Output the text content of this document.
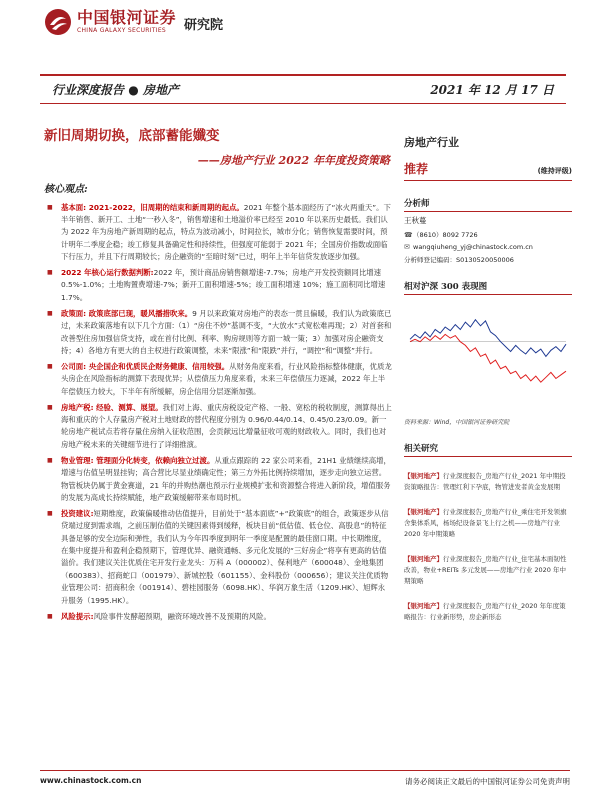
中国银河证券
CHINA GALAXY SECURITIES	研究院
行业深度报告 ● 房地产	2021 年 12 月 17 日
新旧周期切换，底部蓄能孅变
——房地产行业 2022 年年度投资策略
核心观点:
■ 基本面: 2021-2022，旧周期的结束和新周期的起点。2021 年整个基本面经历了“冰火两重天”。下半年销售、新开工、土地“一秒入冬”，销售增速和土地溢价率已经至 2010 年以来历史最低。我们认为 2022 年为房地产新周期的起点，特点为波动减小，时间拉长，城市分化；销售恢复需要时间，预计明年二季度企稳；竣工修复具备确定性和持续性，但强度可能弱于 2021 年；全国房价指数或面临下行压力，并且下行周期较长；房企融资的“至暗时刻”已过，明年上半年信贷发放逐步加强。
■ 2022 年核心运行数据判断:2022 年，预计商品房销售额增速-7.7%；房地产开发投资额同比增速 0.5%-1.0%；土地购置费增速-7%；新开工面积增速-5%；竣工面积增速 10%；施工面积同比增速 1.7%。
■ 政策面: 政策底部已现，暖风播措吹来。9 月以来政策对房地产的表态一贯且偏暖，我们认为政策底已过，未来政策落地有以下几个方面:（1）“房住不炒”基调不变，“大放水”式宽松难再现；2）对首套和改善型住房加强信贷支持，或在首付比例、利率、购房规则等方面一城一策；3）加强对房企融资支持；4）各地方有更大的自主权进行政策调整，未来“限涨”和“限跌”并行，“调控”和“调整”并行。
■ 公司面: 央企国企和优质民企财务健康、信用较强。从财务角度来看，行业风险指标整体健康，优质龙头房企在风险指标的测算下表现优异；从偿债压力角度来看，未来三年偿债压力逐减，2022 年上半年偿债压力较大，下半年有所缓解，房企信用分层逐渐加强。
■ 房地产税: 经验、测算、展望。我们对上海、重庆房税设定产格、一般、宽松的税收制度，测算得出上海和重庆的个人存量房产税对土地财政的替代程度分别为 0.96/0.44/0.14、0.45/0.23/0.09。新一轮房地产税试点若将存量住房纳入征收范围，会贡献远比增量征收可观的财政收入。同时，我们也对房地产税未来的关键细节进行了详细推演。
■ 物业管理: 管理面分化转变，依赖向独立过渡。从重点跟踪的 22 家公司来看，21H1 业绩继续高增，增速与估值呈明显挂钩；高合营比尽显业绩确定性；第三方外拓比例持续增加，逐步走向独立运营。物管板块仍属于黄金赛道，21 年的并购热潮也预示行业规模扩张和资源整合将进入新阶段，增值服务的发展为高成长持续赋能，地产政策缓解带来布局时机。
■ 投资建议:短期维度，政策偏暖推动估值提升，目前处于“基本面底”+“政策底”的组合，政策逐步从信贷端过度到需求端，之前压制估值的关键因素得到缓释，板块目前“低估值、低仓位、高股息”的特征具备足够的安全边际和弹性，我们认为今年四季度到明年一季度是配置的最佳窗口期。中长期维度，在集中度提升和盈利企稳预期下，管理优异、融资通畅、多元化发展的“三好房企”将享有更高的估值溢价。我们建议关注优质住宅开发行业龙头：万科 A（000002）、保利地产（600048）、金地集团（600383）、招商蛇口（001979）、新城控股（601155）、金科股份（000656）；建议关注优质物业管理公司：招商积余（001914）、碧桂园服务（6098.HK）、华润万象生活（1209.HK）、旭辉永升服务（1995.HK）。
■ 风险提示:风险事件发酵超预期，融资环境改善不及预期的风险。
房地产行业
推荐	(维持评级)
分析师
王秋蔓
☎ （8610）8092 7726
✉ wangqiuheng_yj@chinastock.com.cn
分析师登记编码：S0130520050006
相对沪深 300 表现图
资料来源：Wind，中国银河证券研究院
相关研究
【银河地产】行业深度报告_房地产行业_2021 年中期投资策略报告：管理红利下孕底，物管进发者黄金发展期
【银河地产】行业深度报告_房地产行业_乘住宅开发领旗舍集体系风，杨场纪设备景飞上行之机——房地产行业 2020 年中期策略
【银河地产】行业深度报告_房地产行业_住宅基本面韧性改善，物业+REITs 多元发展——房地产行业 2020 年中期策略
【银河地产】行业深度报告_房地产行业_2020 年年度策略报告：行业新形势，房企新形态
www.chinastock.com.cn	请务必阅读正文最后的中国银河证券公司免责声明
